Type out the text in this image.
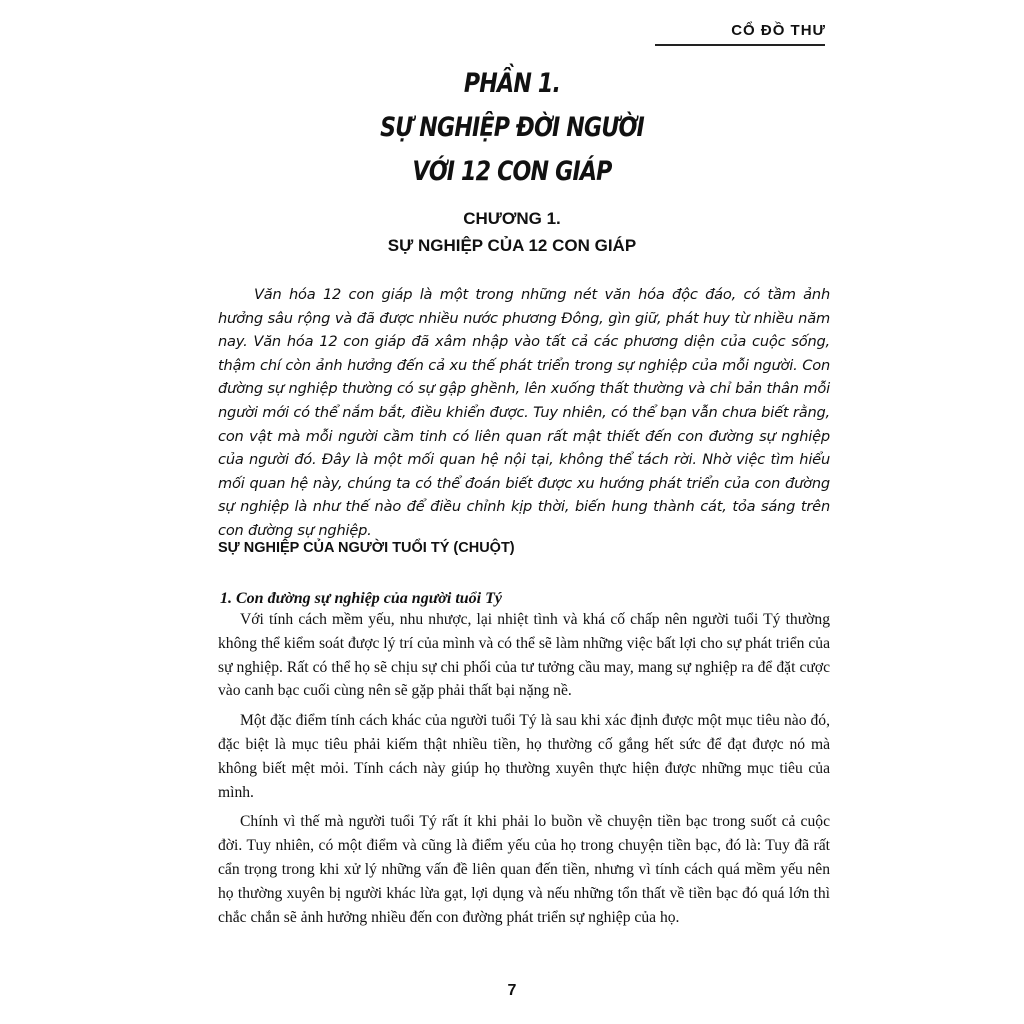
CỔ ĐỒ THƯ
PHẦN 1.
SỰ NGHIỆP ĐỜI NGƯỜI
VỚI 12 CON GIÁP
CHƯƠNG 1.
SỰ NGHIỆP CỦA 12 CON GIÁP

Văn hóa 12 con giáp là một trong những nét văn hóa độc đáo, có tầm ảnh hưởng sâu rộng và đã được nhiều nước phương Đông, gìn giữ, phát huy từ nhiều năm nay. Văn hóa 12 con giáp đã xâm nhập vào tất cả các phương diện của cuộc sống, thậm chí còn ảnh hưởng đến cả xu thế phát triển trong sự nghiệp của mỗi người. Con đường sự nghiệp thường có sự gập ghềnh, lên xuống thất thường và chỉ bản thân mỗi người mới có thể nắm bắt, điều khiển được. Tuy nhiên, có thể bạn vẫn chưa biết rằng, con vật mà mỗi người cầm tinh có liên quan rất mật thiết đến con đường sự nghiệp của người đó. Đây là một mối quan hệ nội tại, không thể tách rời. Nhờ việc tìm hiểu mối quan hệ này, chúng ta có thể đoán biết được xu hướng phát triển của con đường sự nghiệp là như thế nào để điều chỉnh kịp thời, biến hung thành cát, tỏa sáng trên con đường sự nghiệp.

SỰ NGHIỆP CỦA NGƯỜI TUỔI TÝ (CHUỘT)
1. Con đường sự nghiệp của người tuổi Tý

Với tính cách mềm yếu, nhu nhược, lại nhiệt tình và khá cố chấp nên người tuổi Tý thường không thể kiểm soát được lý trí của mình và có thể sẽ làm những việc bất lợi cho sự phát triển của sự nghiệp. Rất có thể họ sẽ chịu sự chi phối của tư tưởng cầu may, mang sự nghiệp ra để đặt cược vào canh bạc cuối cùng nên sẽ gặp phải thất bại nặng nề.

Một đặc điểm tính cách khác của người tuổi Tý là sau khi xác định được một mục tiêu nào đó, đặc biệt là mục tiêu phải kiếm thật nhiều tiền, họ thường cố gắng hết sức để đạt được nó mà không biết mệt mỏi. Tính cách này giúp họ thường xuyên thực hiện được những mục tiêu của mình.

Chính vì thế mà người tuổi Tý rất ít khi phải lo buồn về chuyện tiền bạc trong suốt cả cuộc đời. Tuy nhiên, có một điểm và cũng là điểm yếu của họ trong chuyện tiền bạc, đó là: Tuy đã rất cẩn trọng trong khi xử lý những vấn đề liên quan đến tiền, nhưng vì tính cách quá mềm yếu nên họ thường xuyên bị người khác lừa gạt, lợi dụng và nếu những tổn thất về tiền bạc đó quá lớn thì chắc chắn sẽ ảnh hưởng nhiều đến con đường phát triển sự nghiệp của họ.

7
